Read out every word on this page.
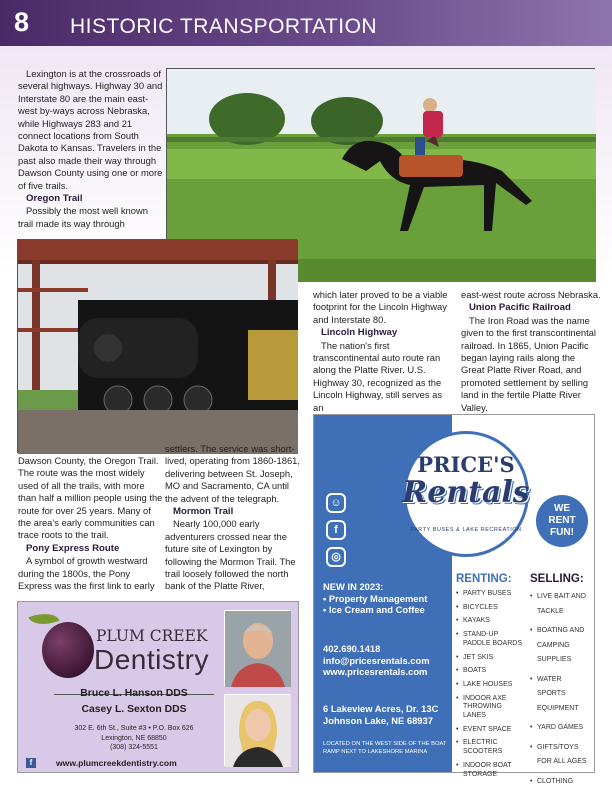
8 HISTORIC TRANSPORTATION

Lexington is at the crossroads of several highways. Highway 30 and Interstate 80 are the main east-west by-ways across Nebraska, while Highways 283 and 21 connect locations from South Dakota to Kansas. Travelers in the past also made their way through Dawson County using one or more of five trails.

Oregon Trail

Possibly the most well known trail made its way through

Dawson County, the Oregon Trail. The route was the most widely used of all the trails, with more than half a million people using the route for over 25 years. Many of the area's early communities can trace roots to the trail.

Pony Express Route

A symbol of growth westward during the 1800s, the Pony Express was the first link to early

settlers. The service was short-lived, operating from 1860-1861, delivering between St. Joseph, MO and Sacramento, CA until the advent of the telegraph.

Mormon Trail

Nearly 100,000 early adventurers crossed near the future site of Lexington by following the Mormon Trail. The trail loosely followed the north bank of the Platte River,

which later proved to be a viable footprint for the Lincoln Highway and Interstate 80.

Lincoln Highway

The nation's first transcontinental auto route ran along the Platte River. U.S. Highway 30, recognized as the Lincoln Highway, still serves as an

east-west route across Nebraska.

Union Pacific Railroad

The Iron Road was the name given to the first transcontinental railroad. In 1865, Union Pacific began laying rails along the Great Platte River Road, and promoted settlement by selling land in the fertile Platte River Valley.

☺
f
◎
PRICE'S
Rentals
PARTY BUSES & LAKE RECREATION
WE
RENT
FUN!
NEW IN 2023:
• Property Management
• Ice Cream and Coffee
402.690.1418
info@pricesrentals.com
www.pricesrentals.com
6 Lakeview Acres, Dr. 13C
Johnson Lake, NE 68937
LOCATED ON THE WEST SIDE OF THE BOAT RAMP NEXT TO LAKESHORE MARINA
RENTING:
• PARTY BUSES
• BICYCLES
• KAYAKS
• STAND-UP PADDLE BOARDS
• JET SKIS
• BOATS
• LAKE HOUSES
• INDOOR AXE THROWING LANES
• EVENT SPACE
• ELECTRIC SCOOTERS
• INDOOR BOAT STORAGE
SELLING:
• LIVE BAIT AND TACKLE
• BOATING AND CAMPING SUPPLIES
• WATER SPORTS EQUIPMENT
• YARD GAMES
• GIFTS/TOYS FOR ALL AGES
• CLOTHING
PLUM CREEK
Dentistry
Bruce L. Hanson DDS
Casey L. Sexton DDS
302 E. 6th St., Suite #3 • P.O. Box 626
Lexington, NE 68850
(308) 324-5551
f	www.plumcreekdentistry.com
